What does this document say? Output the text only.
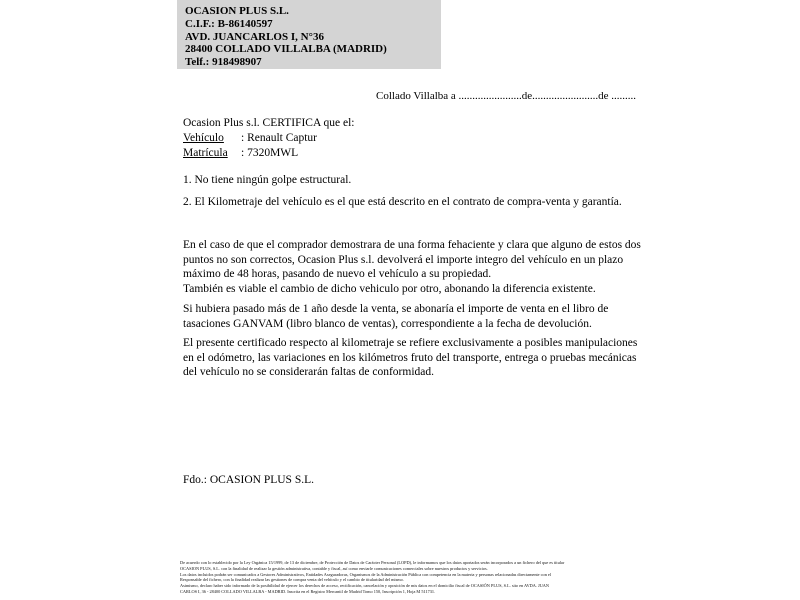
OCASION PLUS S.L.
C.I.F.: B-86140597
AVD. JUANCARLOS I, N°36
28400 COLLADO VILLALBA (MADRID)
Telf.: 918498907
Collado Villalba a .......................de........................de .........
Ocasion Plus s.l. CERTIFICA que el:
Vehículo : Renault Captur
Matrícula : 7320MWL
1. No tiene ningún golpe estructural.
2. El Kilometraje del vehículo es el que está descrito en el contrato de compra-venta y garantía.
En el caso de que el comprador demostrara de una forma fehaciente y clara que alguno de estos dos puntos no son correctos, Ocasion Plus s.l. devolverá el importe integro del vehículo en un plazo máximo de 48 horas, pasando de nuevo el vehículo a su propiedad.
También es viable el cambio de dicho vehiculo por otro, abonando la diferencia existente.
Si hubiera pasado más de 1 año desde la venta, se abonaría el importe de venta en el libro de tasaciones GANVAM (libro blanco de ventas), correspondiente a la fecha de devolución.
El presente certificado respecto al kilometraje se refiere exclusivamente a posibles manipulaciones en el odómetro, las variaciones en los kilómetros fruto del transporte, entrega o pruebas mecánicas del vehículo no se considerarán faltas de conformidad.
Fdo.: OCASION PLUS S.L.
De acuerdo con lo establecido por la Ley Orgánica 15/1999, de 13 de diciembre, de Protección de Datos de Carácter Personal (LOPD), le informamos que los datos aportados serán incorporados a un fichero del que es titular
OCASION PLUS, S.L. con la finalidad de realizar la gestión administrativa, contable y fiscal, así como enviarle comunicaciones comerciales sobre nuestros productos y servicios.
Los datos incluidos podrán ser comunicados a Gestores Administrativos, Entidades Aseguradoras, Organismos de la Administración Pública con competencia en la materia y personas relacionadas directamente con el
Responsable del fichero, con la finalidad realizar las gestiones de compra venta del vehículo y el cambio de titularidad del mismo.
Asimismo, declaro haber sido informado de la posibilidad de ejercer los derechos de acceso, rectificación, cancelación y oposición de mis datos en el domicilio fiscal de OCASIÓN PLUS, S.L. sito en AVDA. JUAN
CARLOS I, 36 - 28400 COLLADO VILLALBA - MADRID. Inscrita en el Registro Mercantil de Madrid Tomo 150, Inscripción 1, Hoja M 511731.
